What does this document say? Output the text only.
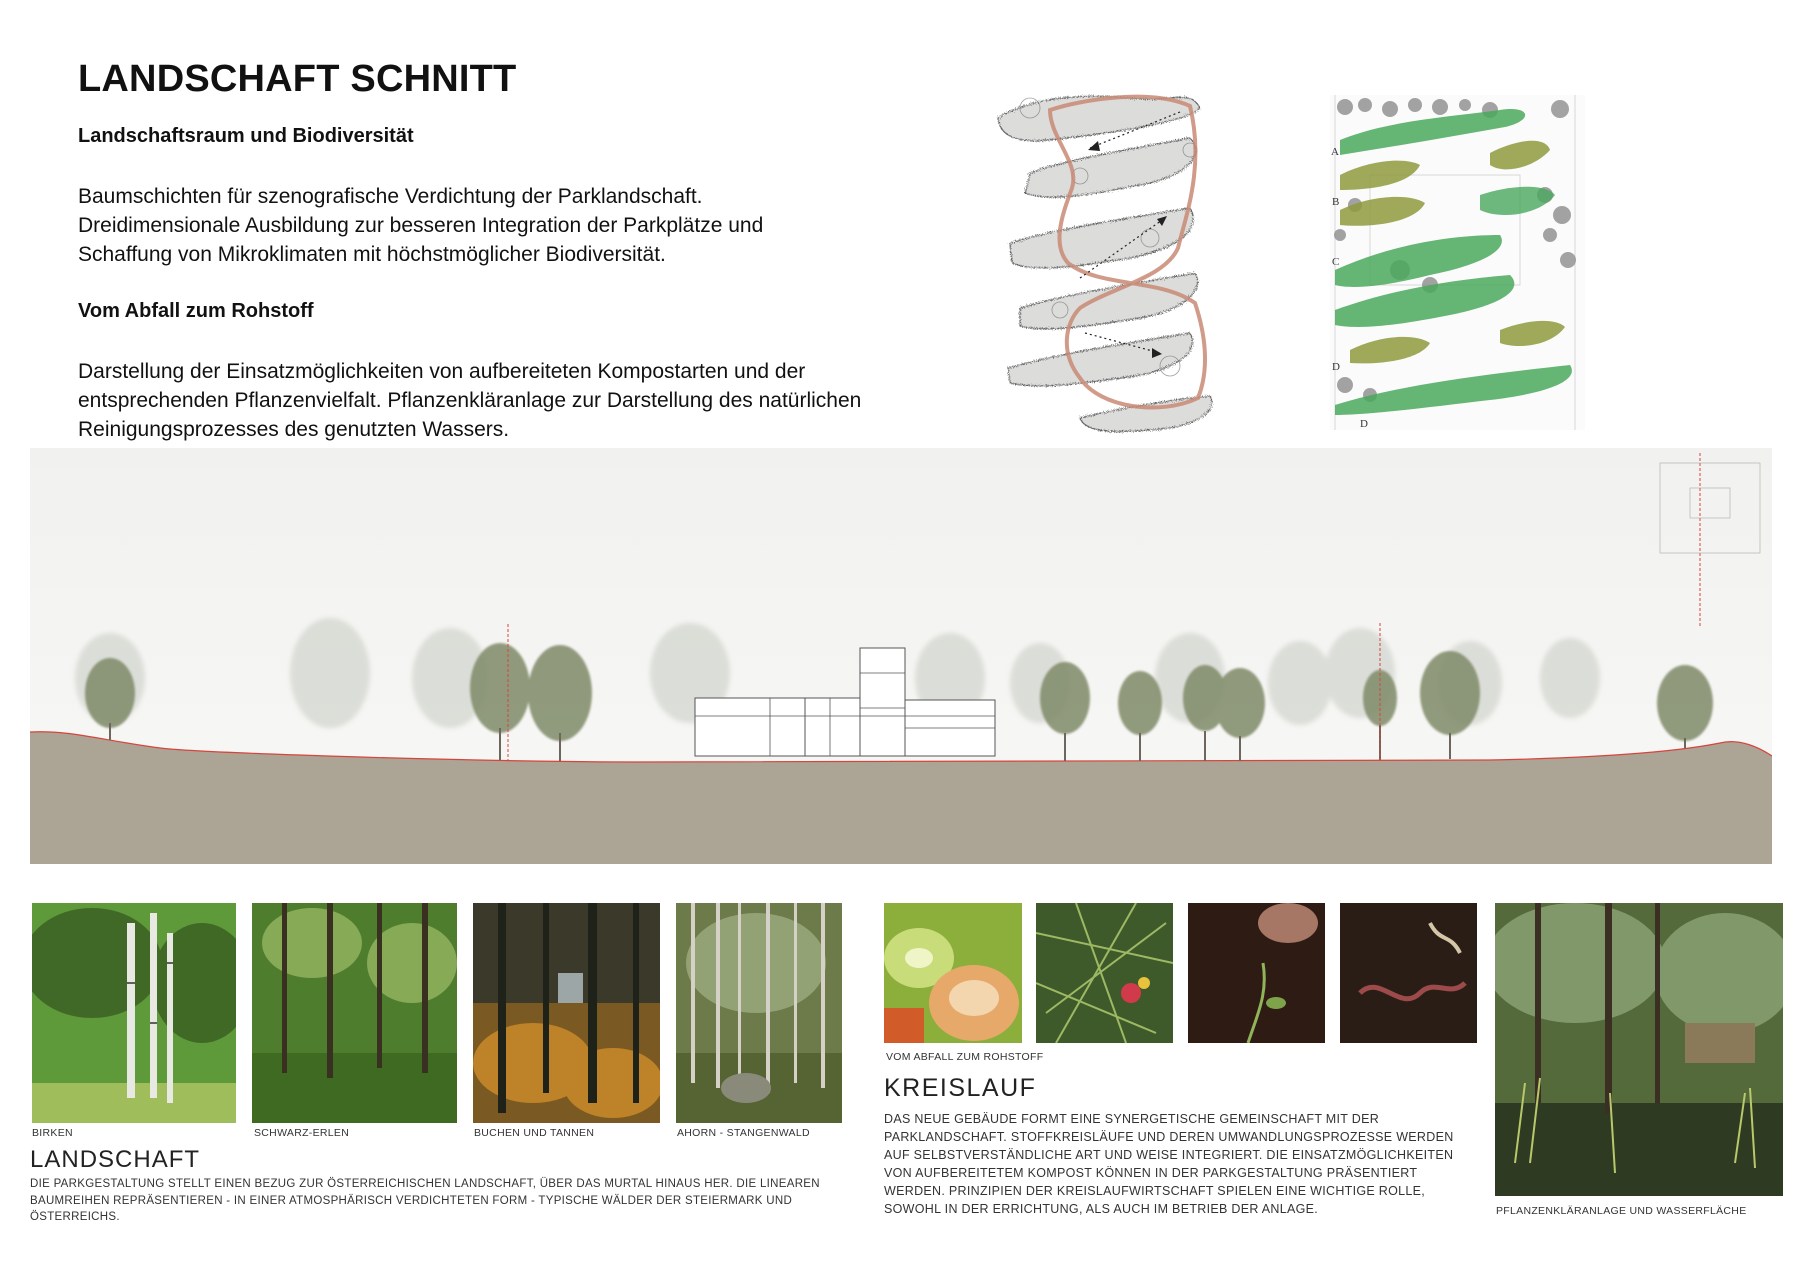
LANDSCHAFT SCHNITT
Landschaftsraum und Biodiversität

Baumschichten für szenografische Verdichtung der Parklandschaft. Dreidimensionale Ausbildung zur besseren Integration der Parkplätze und Schaffung von Mikroklimaten mit höchstmöglicher Biodiversität.

Vom Abfall zum Rohstoff

Darstellung der Einsatzmöglichkeiten von aufbereiteten Kompostarten und der entsprechenden Pflanzenvielfalt. Pflanzenkläranlage zur Darstellung des natürlichen Reinigungsprozesses des genutzten Wassers.

A
B
C
D
D
BIRKEN	SCHWARZ-ERLEN	BUCHEN UND TANNEN	AHORN - STANGENWALD
LANDSCHAFT

DIE PARKGESTALTUNG STELLT EINEN BEZUG ZUR ÖSTERREICHISCHEN LANDSCHAFT, ÜBER DAS MURTAL HINAUS HER. DIE LINEAREN BAUMREIHEN REPRÄSENTIEREN - IN EINER ATMOSPHÄRISCH VERDICHTETEN FORM - TYPISCHE WÄLDER DER STEIERMARK UND ÖSTERREICHS.

VOM ABFALL ZUM ROHSTOFF
KREISLAUF

DAS NEUE GEBÄUDE FORMT EINE SYNERGETISCHE GEMEINSCHAFT MIT DER PARKLANDSCHAFT. STOFFKREISLÄUFE UND DEREN UMWANDLUNGSPROZESSE WERDEN AUF SELBSTVERSTÄNDLICHE ART UND WEISE INTEGRIERT. DIE EINSATZMÖGLICHKEITEN VON AUFBEREITETEM KOMPOST KÖNNEN IN DER PARKGESTALTUNG PRÄSENTIERT WERDEN. PRINZIPIEN DER KREISLAUFWIRTSCHAFT SPIELEN EINE WICHTIGE ROLLE, SOWOHL IN DER ERRICHTUNG, ALS AUCH IM BETRIEB DER ANLAGE.	PFLANZENKLÄRANLAGE UND WASSERFLÄCHE
